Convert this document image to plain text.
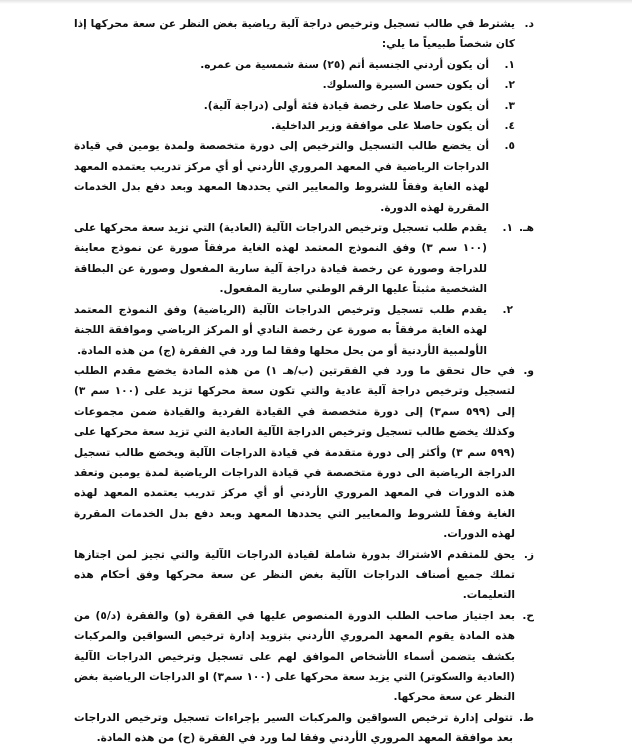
د.
يشترط في طالب تسجيل وترخيص دراجة آلية رياضية بغض النظر عن سعة محركها إذا كان شخصاً طبيعياً ما يلي:
١.
أن يكون أردني الجنسية أتم (٢٥) سنة شمسية من عمره.
٢.
أن يكون حسن السيرة والسلوك.
٣.
أن يكون حاصلا على رخصة قيادة فئة أولى (دراجة آلية).
٤.
أن يكون حاصلا على موافقة وزير الداخلية.
٥.
أن يخضع طالب التسجيل والترخيص إلى دورة متخصصة ولمدة يومين في قيادة الدراجات الرياضية في المعهد المروري الأردني أو أي مركز تدريب يعتمده المعهد لهذه الغاية وفقاً للشروط والمعايير التي يحددها المعهد وبعد دفع بدل الخدمات المقررة لهذه الدورة.
هـ.
١.
يقدم طلب تسجيل وترخيص الدراجات الآلية (العادية) التي تزيد سعة محركها على (١٠٠ سم ٣) وفق النموذج المعتمد لهذه الغاية مرفقاً صورة عن نموذج معاينة للدراجة وصورة عن رخصة قيادة دراجة آلية سارية المفعول وصورة عن البطاقة الشخصية مثبتاً عليها الرقم الوطني سارية المفعول.
٢.
يقدم طلب تسجيل وترخيص الدراجات الآلية (الرياضية) وفق النموذج المعتمد لهذه الغاية مرفقاً به صورة عن رخصة النادي أو المركز الرياضي وموافقة اللجنة الأولمبية الأردنية أو من يحل محلها وفقا لما ورد في الفقرة (ج) من هذه المادة.
و.
في حال تحقق ما ورد في الفقرتين (ب/هـ ١) من هذه المادة يخضع مقدم الطلب لتسجيل وترخيص دراجة آلية عادية والتي تكون سعة محركها تزيد على (١٠٠ سم ٣) إلى (٥٩٩ سم٣) إلى دورة متخصصة في القيادة الفردية والقيادة ضمن مجموعات وكذلك يخضع طالب تسجيل وترخيص الدراجة الآلية العادية التي تزيد سعة محركها على (٥٩٩ سم ٣) وأكثر إلى دورة متقدمة في قيادة الدراجات الآلية ويخضع طالب تسجيل الدراجة الرياضية الى دورة متخصصة في قيادة الدراجات الرياضية لمدة يومين وتعقد هذه الدورات في المعهد المروري الأردني أو أي مركز تدريب يعتمده المعهد لهذه الغاية وفقاً للشروط والمعايير التي يحددها المعهد وبعد دفع بدل الخدمات المقررة لهذه الدورات.
ز.
يحق للمتقدم الاشتراك بدورة شاملة لقيادة الدراجات الآلية والتي تجيز لمن اجتازها تملك جميع أصناف الدراجات الآلية بغض النظر عن سعة محركها وفق أحكام هذه التعليمات.
ح.
بعد اجتياز صاحب الطلب الدورة المنصوص عليها في الفقرة (و) والفقرة (د/٥) من هذه المادة يقوم المعهد المروري الأردني بتزويد إدارة ترخيص السواقين والمركبات بكشف يتضمن أسماء الأشخاص الموافق لهم على تسجيل وترخيص الدراجات الآلية (العادية والسكوتر) التي يزيد سعة محركها على (١٠٠ سم٣) او الدراجات الرياضية بغض النظر عن سعة محركها.
ط.
تتولى إدارة ترخيص السواقين والمركبات السير بإجراءات تسجيل وترخيص الدراجات بعد موافقة المعهد المروري الأردني وفقا لما ورد في الفقرة (ح) من هذه المادة.
